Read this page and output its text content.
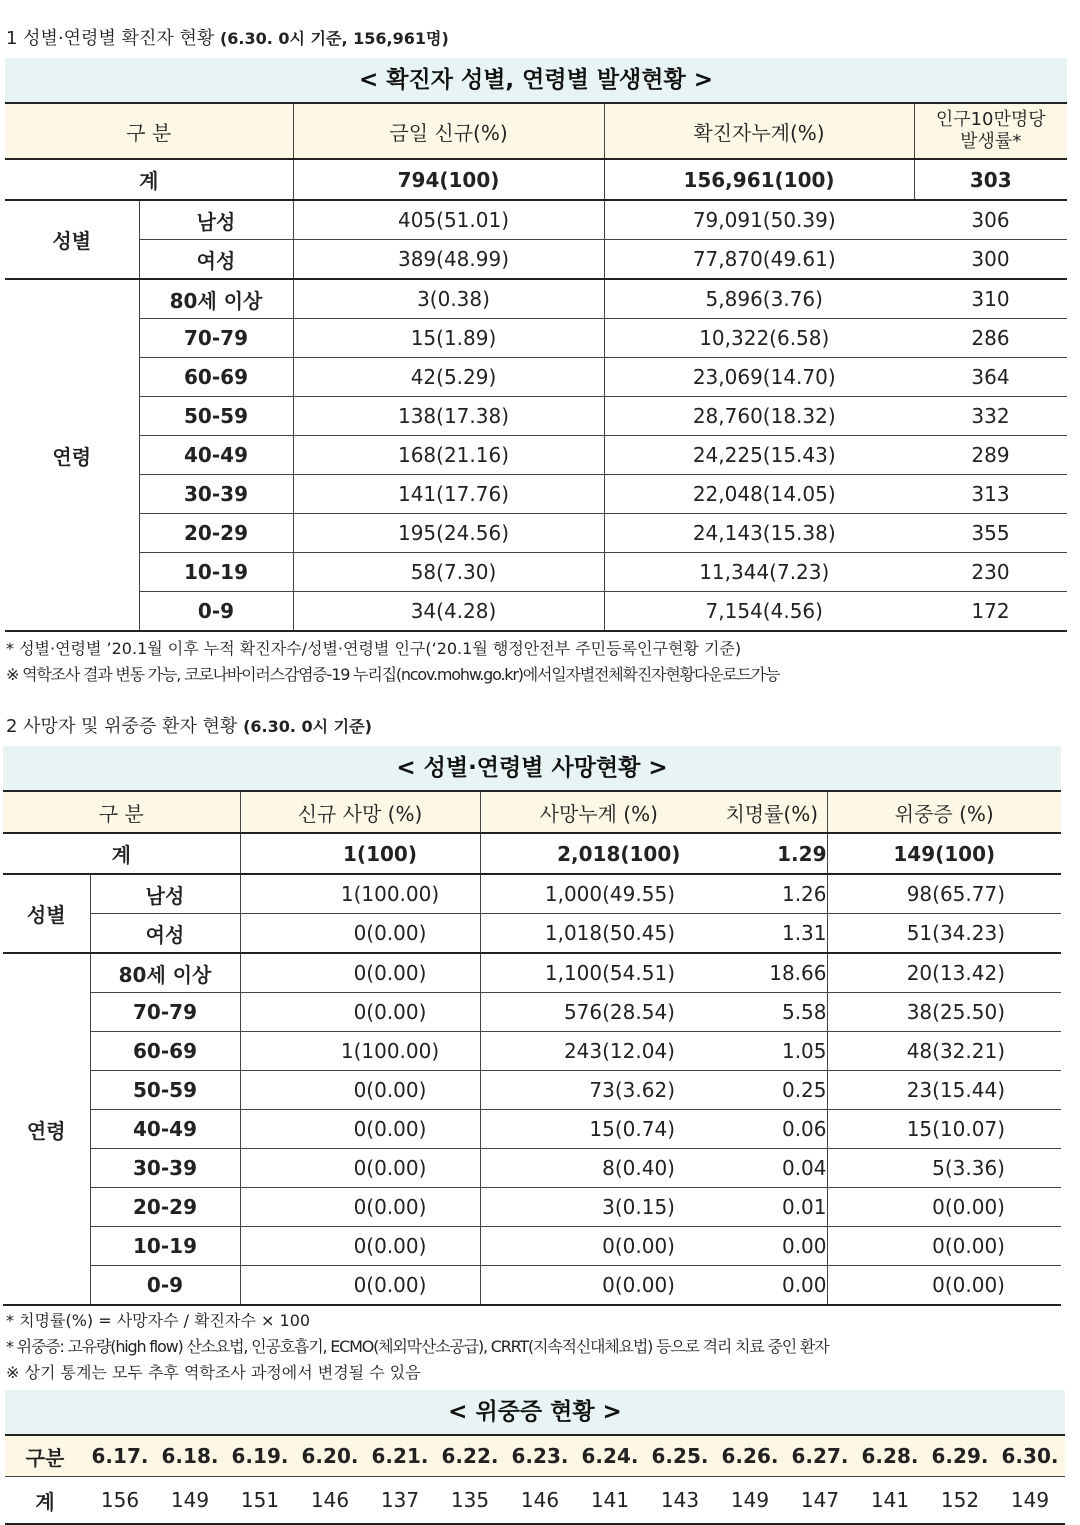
1 성별·연령별 확진자 현황 (6.30. 0시 기준, 156,961명)
< 확진자 성별, 연령별 발생현황 >
구 분		금일 신규(%)	확진자누계(%)	인구10만명당
발생률*
계		794(100)	156,961(100)	303
성별	남성	405(51.01)	79,091(50.39)	306
	여성	389(48.99)	77,870(49.61)	300
연령	80세 이상	3(0.38)	5,896(3.76)	310
	70-79	15(1.89)	10,322(6.58)	286
	60-69	42(5.29)	23,069(14.70)	364
	50-59	138(17.38)	28,760(18.32)	332
	40-49	168(21.16)	24,225(15.43)	289
	30-39	141(17.76)	22,048(14.05)	313
	20-29	195(24.56)	24,143(15.38)	355
	10-19	58(7.30)	11,344(7.23)	230
	0-9	34(4.28)	7,154(4.56)	172
* 성별·연령별 ’20.1월 이후 누적 확진자수/성별·연령별 인구(‘20.1월 행정안전부 주민등록인구현황 기준)
※ 역학조사 결과 변동 가능, 코로나바이러스감염증-19 누리집(ncov.mohw.go.kr)에서일자별전체확진자현황다운로드가능
2 사망자 및 위중증 환자 현황 (6.30. 0시 기준)
< 성별·연령별 사망현황 >
구 분		신규 사망 (%)	사망누계 (%)	치명률(%)	위중증 (%)
계		1(100)	2,018(100)	1.29	149(100)
성별	남성	1(100.00)	1,000(49.55)	1.26	98(65.77)
	여성	0(0.00)	1,018(50.45)	1.31	51(34.23)
연령	80세 이상	0(0.00)	1,100(54.51)	18.66	20(13.42)
	70-79	0(0.00)	576(28.54)	5.58	38(25.50)
	60-69	1(100.00)	243(12.04)	1.05	48(32.21)
	50-59	0(0.00)	73(3.62)	0.25	23(15.44)
	40-49	0(0.00)	15(0.74)	0.06	15(10.07)
	30-39	0(0.00)	8(0.40)	0.04	5(3.36)
	20-29	0(0.00)	3(0.15)	0.01	0(0.00)
	10-19	0(0.00)	0(0.00)	0.00	0(0.00)
	0-9	0(0.00)	0(0.00)	0.00	0(0.00)
* 치명률(%) = 사망자수 / 확진자수 × 100
* 위중증: 고유량(high flow) 산소요법, 인공호흡기, ECMO(체외막산소공급), CRRT(지속적신대체요법) 등으로 격리 치료 중인 환자
※ 상기 통계는 모두 추후 역학조사 과정에서 변경될 수 있음
< 위중증 현황 >
구분	6.17.	6.18.	6.19.	6.20.	6.21.	6.22.	6.23.	6.24.	6.25.	6.26.	6.27.	6.28.	6.29.	6.30.
계	156	149	151	146	137	135	146	141	143	149	147	141	152	149
